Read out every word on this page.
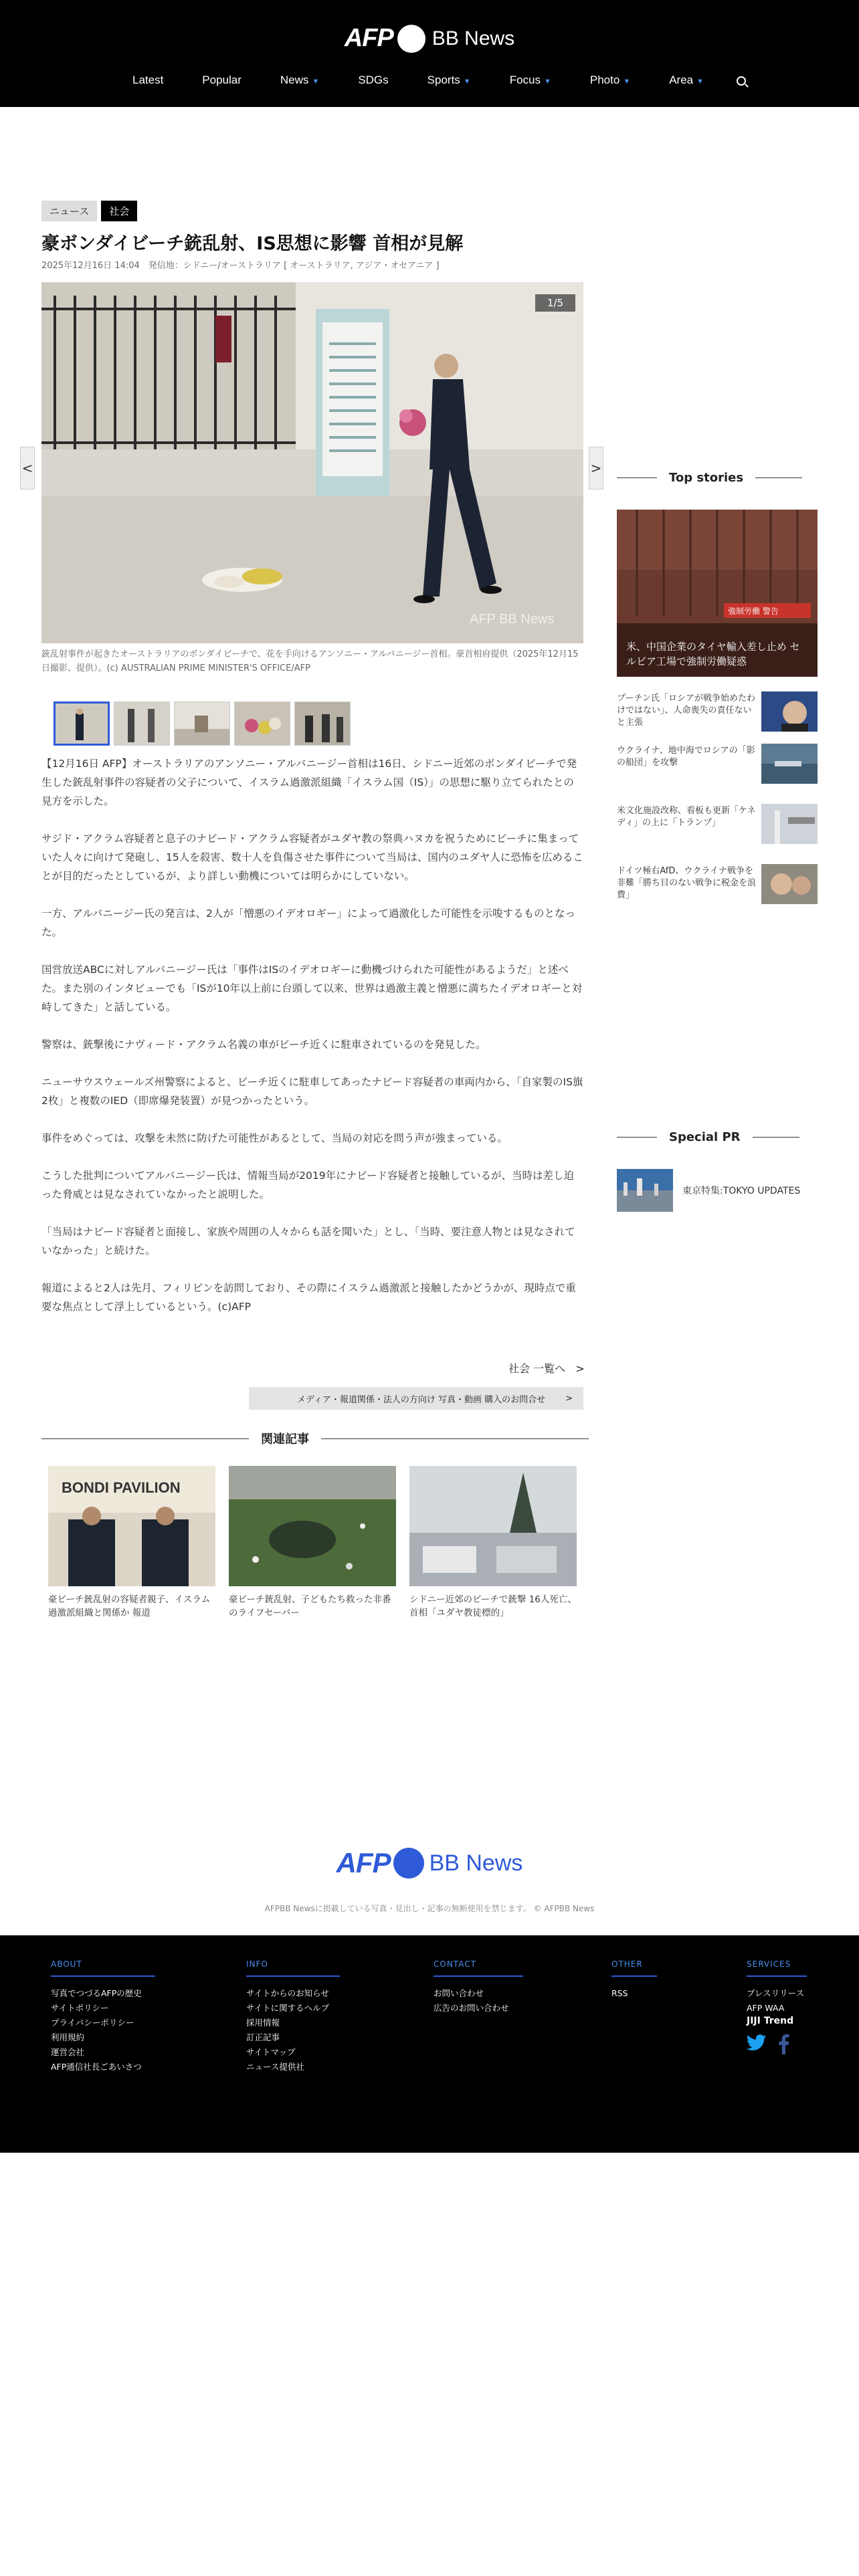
AFP BB News
Latest	Popular	News ▼	SDGs	Sports ▼	Focus ▼	Photo ▼	Area ▼
ニュース	社会
豪ボンダイビーチ銃乱射、IS思想に影響 首相が見解
2025年12月16日 14:04　発信地：シドニー/オーストラリア [ オーストラリア, アジア・オセアニア ]
AFP BB News
1/5
<	>
銃乱射事件が起きたオーストラリアのボンダイビーチで、花を手向けるアンソニー・アルバニージー首相。豪首相府提供（2025年12月15日撮影、提供）。(c) AUSTRALIAN PRIME MINISTER'S OFFICE/AFP

【12月16日 AFP】オーストラリアのアンソニー・アルバニージー首相は16日、シドニー近郊のボンダイビーチで発生した銃乱射事件の容疑者の父子について、イスラム過激派組織「イスラム国（IS）」の思想に駆り立てられたとの見方を示した。

サジド・アクラム容疑者と息子のナビード・アクラム容疑者がユダヤ教の祭典ハヌカを祝うためにビーチに集まっていた人々に向けて発砲し、15人を殺害、数十人を負傷させた事件について当局は、国内のユダヤ人に恐怖を広めることが目的だったとしているが、より詳しい動機については明らかにしていない。

一方、アルバニージー氏の発言は、2人が「憎悪のイデオロギー」によって過激化した可能性を示唆するものとなった。

国営放送ABCに対しアルバニージー氏は「事件はISのイデオロギーに動機づけられた可能性があるようだ」と述べた。また別のインタビューでも「ISが10年以上前に台頭して以来、世界は過激主義と憎悪に満ちたイデオロギーと対峙してきた」と話している。

警察は、銃撃後にナヴィード・アクラム名義の車がビーチ近くに駐車されているのを発見した。

ニューサウスウェールズ州警察によると、ビーチ近くに駐車してあったナビード容疑者の車両内から、「自家製のIS旗2枚」と複数のIED（即席爆発装置）が見つかったという。

事件をめぐっては、攻撃を未然に防げた可能性があるとして、当局の対応を問う声が強まっている。

こうした批判についてアルバニージー氏は、情報当局が2019年にナビード容疑者と接触しているが、当時は差し迫った脅威とは見なされていなかったと説明した。

「当局はナビード容疑者と面接し、家族や周囲の人々からも話を聞いた」とし、「当時、要注意人物とは見なされていなかった」と続けた。

報道によると2人は先月、フィリピンを訪問しており、その際にイスラム過激派と接触したかどうかが、現時点で重要な焦点として浮上しているという。(c)AFP

社会 一覧へ >
メディア・報道関係・法人の方向け 写真・動画 購入のお問合せ >
関連記事
BONDI PAVILION
豪ビーチ銃乱射の容疑者親子、イスラム過激派組織と関係か 報道
豪ビーチ銃乱射、子どもたち救った非番のライフセーバー
シドニー近郊のビーチで銃撃 16人死亡、首相「ユダヤ教徒標的」
Top stories
強制労働 警告
米、中国企業のタイヤ輸入差し止め セルビア工場で強制労働疑惑
プーチン氏「ロシアが戦争始めたわけではない」、人命喪失の責任ないと主張
ウクライナ、地中海でロシアの「影の船団」を攻撃
米文化施設改称、看板も更新「ケネディ」の上に「トランプ」
ドイツ極右AfD、ウクライナ戦争を非難「勝ち目のない戦争に税金を浪費」
Special PR
東京特集:TOKYO UPDATES
AFP BB News
AFPBB Newsに掲載している写真・見出し・記事の無断使用を禁じます。 © AFPBB News
ABOUT
写真でつづるAFPの歴史
サイトポリシー
プライバシーポリシー
利用規約
運営会社
AFP通信社長ごあいさつ
INFO
サイトからのお知らせ
サイトに関するヘルプ
採用情報
訂正記事
サイトマップ
ニュース提供社
CONTACT
お問い合わせ
広告のお問い合わせ
OTHER
RSS
SERVICES
プレスリリース
AFP WAA
JIJI Trend
